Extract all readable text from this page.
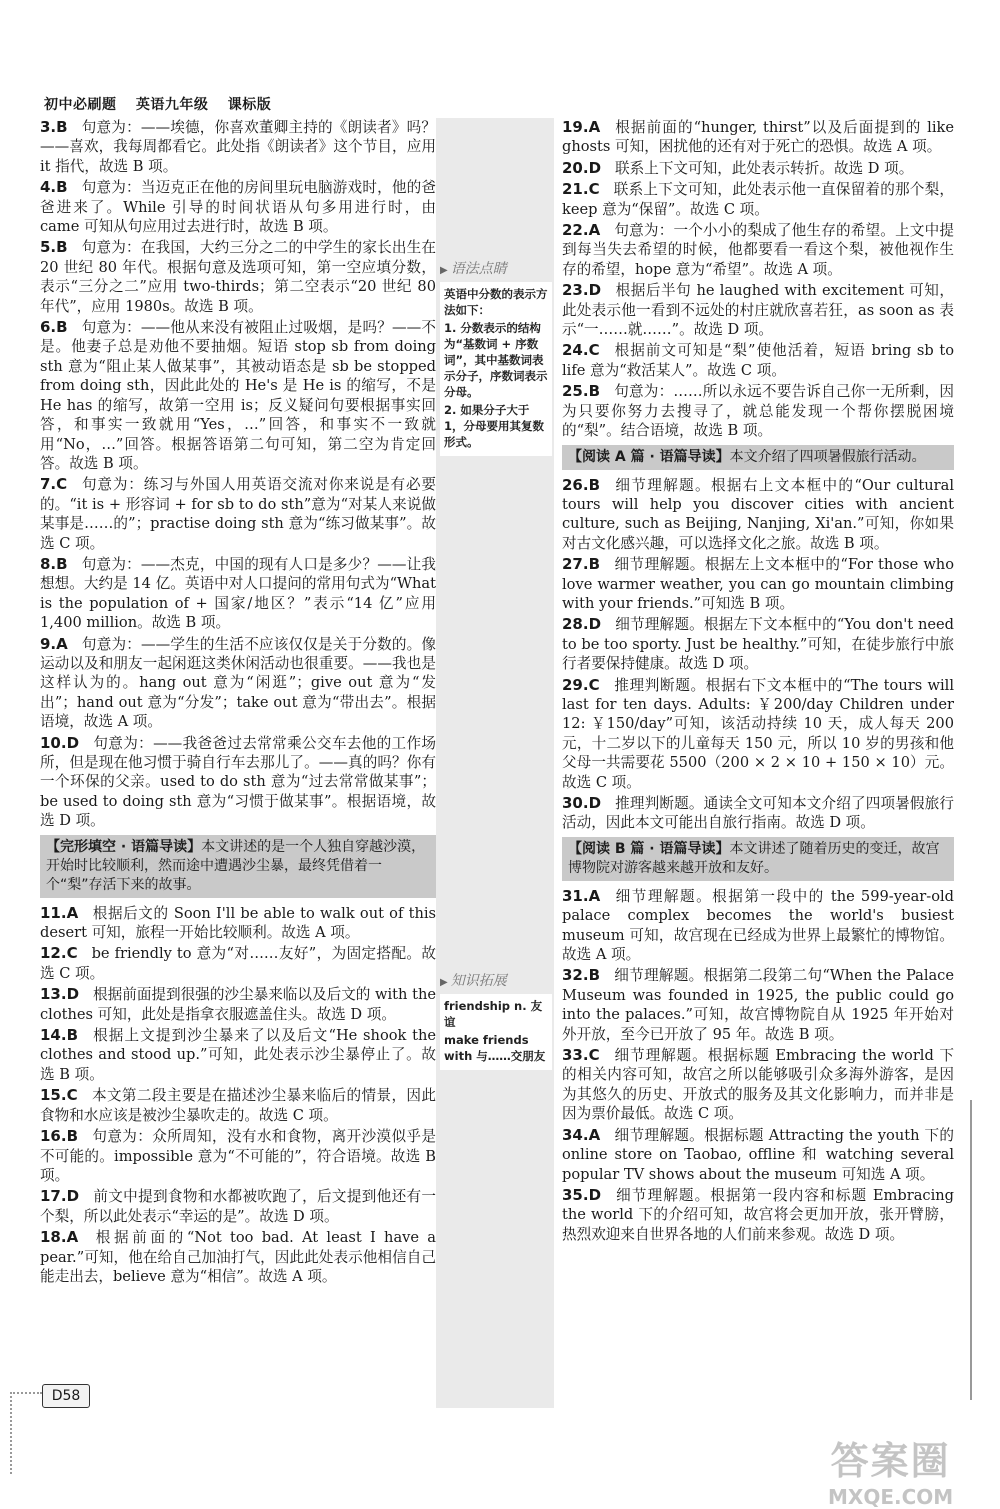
初中必刷题 英语九年级 课标版
3.B 句意为：——埃德，你喜欢董卿主持的《朗读者》吗？——喜欢，我每周都看它。此处指《朗读者》这个节目，应用 it 指代，故选 B 项。
4.B 句意为：当迈克正在他的房间里玩电脑游戏时，他的爸爸进来了。While 引导的时间状语从句多用进行时，由 came 可知从句应用过去进行时，故选 B 项。
5.B 句意为：在我国，大约三分之二的中学生的家长出生在 20 世纪 80 年代。根据句意及选项可知，第一空应填分数，表示“三分之二”应用 two-thirds；第二空表示“20 世纪 80 年代”，应用 1980s。故选 B 项。
6.B 句意为：——他从来没有被阻止过吸烟，是吗？——不是。他妻子总是劝他不要抽烟。短语 stop sb from doing sth 意为“阻止某人做某事”，其被动语态是 sb be stopped from doing sth，因此此处的 He's 是 He is 的缩写，不是 He has 的缩写，故第一空用 is；反义疑问句要根据事实回答，和事实一致就用“Yes，…”回答，和事实不一致就用“No，…”回答。根据答语第二句可知，第二空为肯定回答。故选 B 项。
7.C 句意为：练习与外国人用英语交流对你来说是有必要的。“it is + 形容词 + for sb to do sth”意为“对某人来说做某事是……的”；practise doing sth 意为“练习做某事”。故选 C 项。
8.B 句意为：——杰克，中国的现有人口是多少？——让我想想。大约是 14 亿。英语中对人口提问的常用句式为“What is the population of + 国家/地区？”表示“14 亿”应用 1,400 million。故选 B 项。
9.A 句意为：——学生的生活不应该仅仅是关于分数的。像运动以及和朋友一起闲逛这类休闲活动也很重要。——我也是这样认为的。hang out 意为“闲逛”；give out 意为“发出”；hand out 意为“分发”；take out 意为“带出去”。根据语境，故选 A 项。
10.D 句意为：——我爸爸过去常常乘公交车去他的工作场所，但是现在他习惯于骑自行车去那儿了。——真的吗？你有一个环保的父亲。used to do sth 意为“过去常常做某事”；be used to doing sth 意为“习惯于做某事”。根据语境，故选 D 项。
【完形填空 · 语篇导读】本文讲述的是一个人独自穿越沙漠，开始时比较顺利，然而途中遭遇沙尘暴，最终凭借着一个“梨”存活下来的故事。
11.A 根据后文的 Soon I'll be able to walk out of this desert 可知，旅程一开始比较顺利。故选 A 项。
12.C be friendly to 意为“对……友好”，为固定搭配。故选 C 项。
13.D 根据前面提到很强的沙尘暴来临以及后文的 with the clothes 可知，此处是指拿衣服遮盖住头。故选 D 项。
14.B 根据上文提到沙尘暴来了以及后文“He shook the clothes and stood up.”可知，此处表示沙尘暴停止了。故选 B 项。
15.C 本文第二段主要是在描述沙尘暴来临后的情景，因此食物和水应该是被沙尘暴吹走的。故选 C 项。
16.B 句意为：众所周知，没有水和食物，离开沙漠似乎是不可能的。impossible 意为“不可能的”，符合语境。故选 B 项。
17.D 前文中提到食物和水都被吹跑了，后文提到他还有一个梨，所以此处表示“幸运的是”。故选 D 项。
18.A 根据前面的“Not too bad. At least I have a pear.”可知，他在给自己加油打气，因此此处表示他相信自己能走出去，believe 意为“相信”。故选 A 项。
▶ 语法点睛

英语中分数的表示方法如下：

1. 分数表示的结构为“基数词 + 序数词”，其中基数词表示分子，序数词表示分母。

2. 如果分子大于 1，分母要用其复数形式。

▶ 知识拓展

friendship n. 友谊

make friends with 与……交朋友

19.A 根据前面的“hunger, thirst”以及后面提到的 like ghosts 可知，困扰他的还有对于死亡的恐惧。故选 A 项。
20.D 联系上下文可知，此处表示转折。故选 D 项。
21.C 联系上下文可知，此处表示他一直保留着的那个梨，keep 意为“保留”。故选 C 项。
22.A 句意为：一个小小的梨成了他生存的希望。上文中提到每当失去希望的时候，他都要看一看这个梨，被他视作生存的希望，hope 意为“希望”。故选 A 项。
23.D 根据后半句 he laughed with excitement 可知，此处表示他一看到不远处的村庄就欣喜若狂，as soon as 表示“一……就……”。故选 D 项。
24.C 根据前文可知是“梨”使他活着，短语 bring sb to life 意为“救活某人”。故选 C 项。
25.B 句意为：……所以永远不要告诉自己你一无所剩，因为只要你努力去搜寻了，就总能发现一个帮你摆脱困境的“梨”。结合语境，故选 B 项。
【阅读 A 篇 · 语篇导读】本文介绍了四项暑假旅行活动。
26.B 细节理解题。根据右上文本框中的“Our cultural tours will help you discover cities with ancient culture, such as Beijing, Nanjing, Xi'an.”可知，你如果对古文化感兴趣，可以选择文化之旅。故选 B 项。
27.B 细节理解题。根据左上文本框中的“For those who love warmer weather, you can go mountain climbing with your friends.”可知选 B 项。
28.D 细节理解题。根据左下文本框中的“You don't need to be too sporty. Just be healthy.”可知，在徒步旅行中旅行者要保持健康。故选 D 项。
29.C 推理判断题。根据右下文本框中的“The tours will last for ten days. Adults: ￥200/day Children under 12: ￥150/day”可知，该活动持续 10 天，成人每天 200 元，十二岁以下的儿童每天 150 元，所以 10 岁的男孩和他父母一共需要花 5500（200 × 2 × 10 + 150 × 10）元。故选 C 项。
30.D 推理判断题。通读全文可知本文介绍了四项暑假旅行活动，因此本文可能出自旅行指南。故选 D 项。
【阅读 B 篇 · 语篇导读】本文讲述了随着历史的变迁，故宫博物院对游客越来越开放和友好。
31.A 细节理解题。根据第一段中的 the 599-year-old palace complex becomes the world's busiest museum 可知，故宫现在已经成为世界上最繁忙的博物馆。故选 A 项。
32.B 细节理解题。根据第二段第二句“When the Palace Museum was founded in 1925, the public could go into the palaces.”可知，故宫博物院自从 1925 年开始对外开放，至今已开放了 95 年。故选 B 项。
33.C 细节理解题。根据标题 Embracing the world 下的相关内容可知，故宫之所以能够吸引众多海外游客，是因为其悠久的历史、开放式的服务及其文化影响力，而并非是因为票价最低。故选 C 项。
34.A 细节理解题。根据标题 Attracting the youth 下的 online store on Taobao, offline 和 watching several popular TV shows about the museum 可知选 A 项。
35.D 细节理解题。根据第一段内容和标题 Embracing the world 下的介绍可知，故宫将会更加开放，张开臂膀，热烈欢迎来自世界各地的人们前来参观。故选 D 项。
D58
答案圈
MXQE.COM
